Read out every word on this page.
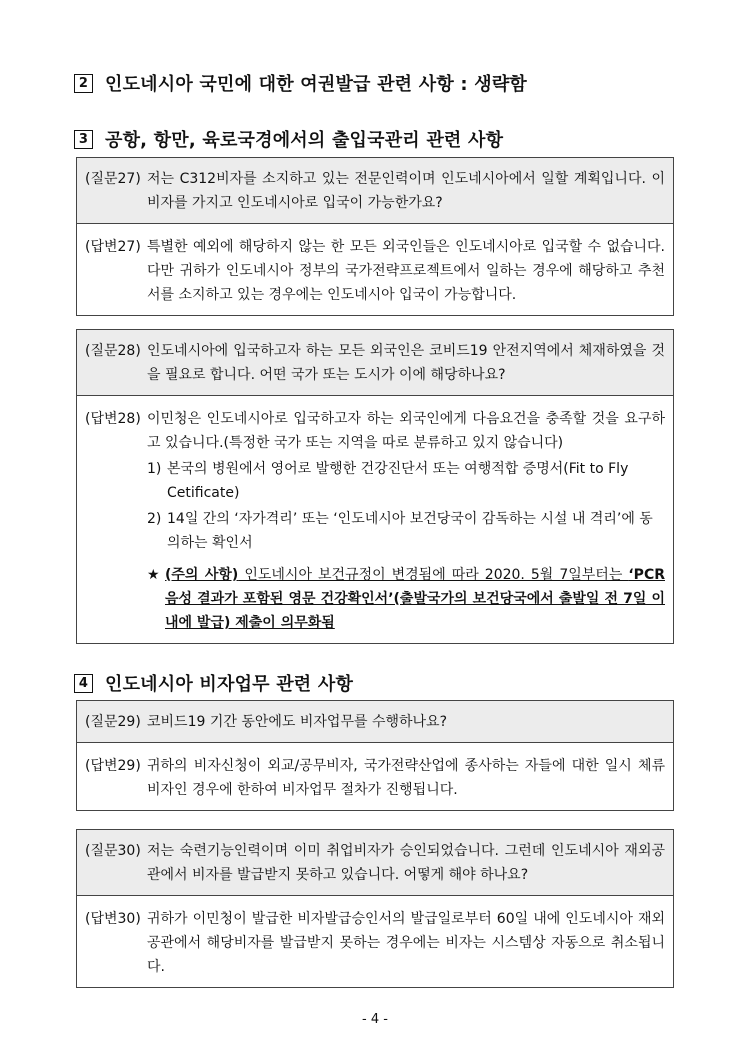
2 인도네시아 국민에 대한 여권발급 관련 사항 : 생략함
3 공항, 항만, 육로국경에서의 출입국관리 관련 사항
(질문27) 저는 C312비자를 소지하고 있는 전문인력이며 인도네시아에서 일할 계획입니다. 이 비자를 가지고 인도네시아로 입국이 가능한가요?
(답변27) 특별한 예외에 해당하지 않는 한 모든 외국인들은 인도네시아로 입국할 수 없습니다. 다만 귀하가 인도네시아 정부의 국가전략프로젝트에서 일하는 경우에 해당하고 추천서를 소지하고 있는 경우에는 인도네시아 입국이 가능합니다.
(질문28) 인도네시아에 입국하고자 하는 모든 외국인은 코비드19 안전지역에서 체재하였을 것을 필요로 합니다. 어떤 국가 또는 도시가 이에 해당하나요?
(답변28) 이민청은 인도네시아로 입국하고자 하는 외국인에게 다음요건을 충족할 것을 요구하고 있습니다.(특정한 국가 또는 지역을 따로 분류하고 있지 않습니다)
1) 본국의 병원에서 영어로 발행한 건강진단서 또는 여행적합 증명서(Fit to Fly Cetificate)
2) 14일 간의 ‘자가격리’ 또는 ‘인도네시아 보건당국이 감독하는 시설 내 격리’에 동의하는 확인서
★ (주의 사항) 인도네시아 보건규정이 변경됨에 따라 2020. 5월 7일부터는 ‘PCR 음성 결과가 포함된 영문 건강확인서’(출발국가의 보건당국에서 출발일 전 7일 이내에 발급) 제출이 의무화됨
4 인도네시아 비자업무 관련 사항
(질문29) 코비드19 기간 동안에도 비자업무를 수행하나요?
(답변29) 귀하의 비자신청이 외교/공무비자, 국가전략산업에 종사하는 자들에 대한 일시 체류비자인 경우에 한하여 비자업무 절차가 진행됩니다.
(질문30) 저는 숙련기능인력이며 이미 취업비자가 승인되었습니다. 그런데 인도네시아 재외공관에서 비자를 발급받지 못하고 있습니다. 어떻게 해야 하나요?
(답변30) 귀하가 이민청이 발급한 비자발급승인서의 발급일로부터 60일 내에 인도네시아 재외공관에서 해당비자를 발급받지 못하는 경우에는 비자는 시스템상 자동으로 취소됩니다.
- 4 -
